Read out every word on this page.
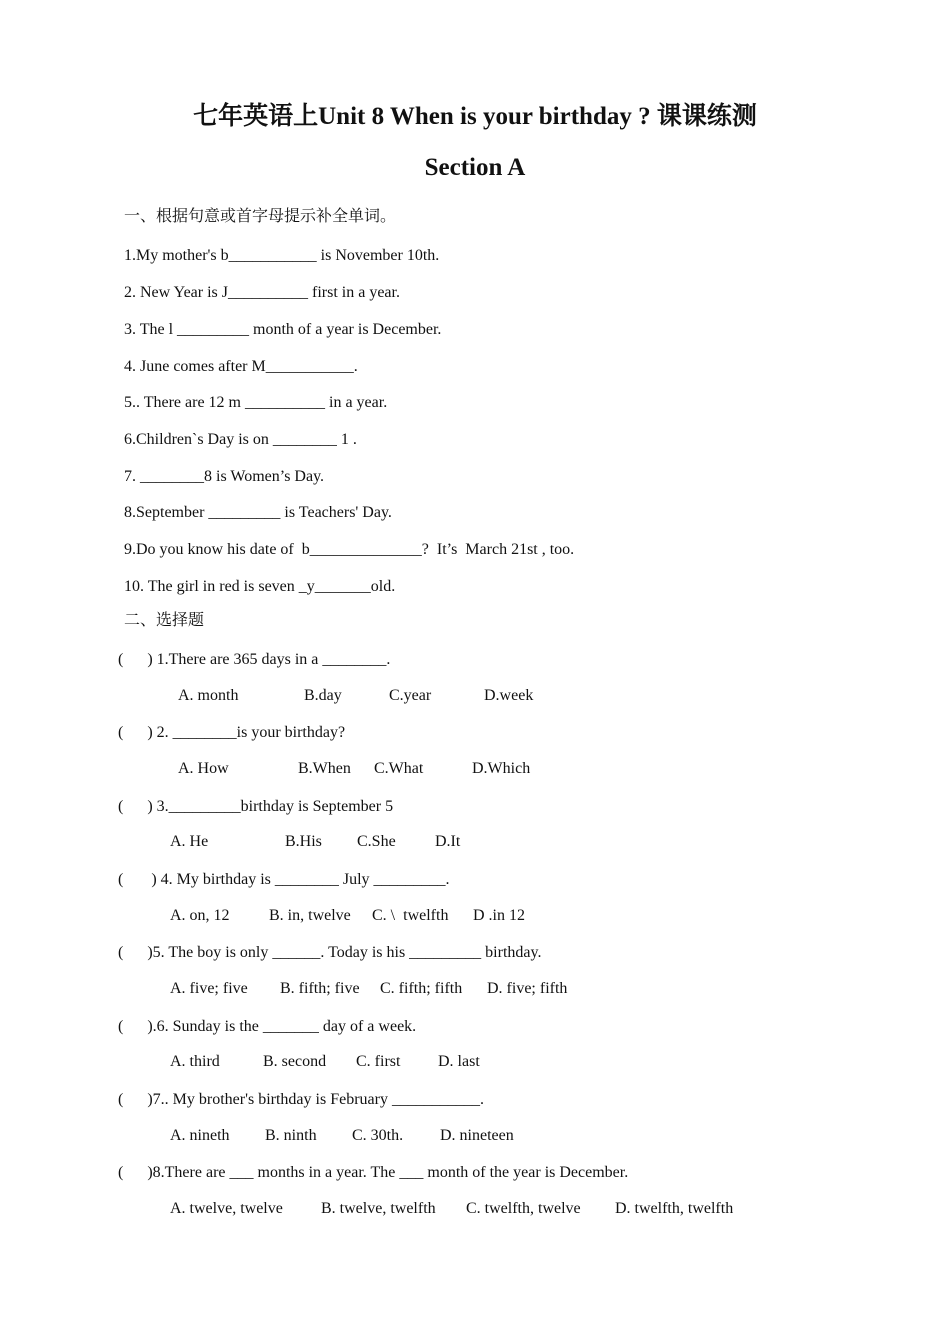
七年英语上Unit 8 When is your birthday ? 课课练测
Section A
一、根据句意或首字母提示补全单词。
1.My mother's b___________ is November 10th.
2. New Year is J__________ first in a year.
3. The l _________ month of a year is December.
4. June comes after M___________.
5.. There are 12 m __________ in a year.
6.Children`s Day is on ________ 1 .
7. ________8 is Women’s Day.
8.September _________ is Teachers' Day.
9.Do you know his date of  b______________?  It’s  March 21st , too.
10. The girl in red is seven _y_______old.
二、选择题
(      ) 1.There are 365 days in a ________.
A. month	B.day	C.year	D.week
(      ) 2. ________is your birthday?
A. How	B.When C.What	D.Which
(      ) 3._________birthday is September 5
A. He	B.His C.She D.It
(       ) 4. My birthday is ________ July _________.
A. on, 12 B. in, twelve C. \  twelfth D .in 12
(      )5. The boy is only ______. Today is his _________ birthday.
A. five; five B. fifth; five C. fifth; fifth D. five; fifth
(      ).6. Sunday is the _______ day of a week.
A. third	B. second C. first D. last
(      )7.. My brother's birthday is February ___________.
A. nineth B. ninth C. 30th. D. nineteen
(      )8.There are ___ months in a year. The ___ month of the year is December.
A. twelve, twelve B. twelve, twelfth C. twelfth, twelve D. twelfth, twelfth
